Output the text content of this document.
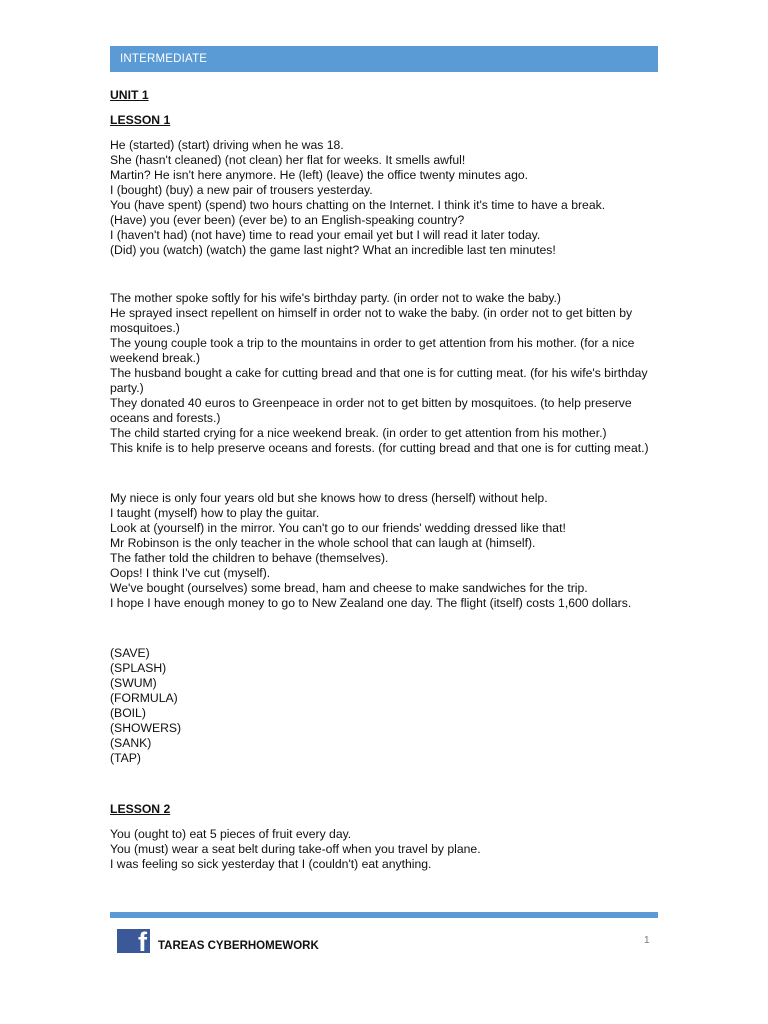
INTERMEDIATE
UNIT 1
LESSON 1
He (started) (start) driving when he was 18.
She (hasn't cleaned) (not clean) her flat for weeks. It smells awful!
Martin? He isn't here anymore. He (left) (leave) the office twenty minutes ago.
I (bought) (buy) a new pair of trousers yesterday.
You (have spent) (spend) two hours chatting on the Internet. I think it's time to have a break.
(Have) you (ever been) (ever be) to an English-speaking country?
I (haven't had) (not have) time to read your email yet but I will read it later today.
(Did) you (watch) (watch) the game last night? What an incredible last ten minutes!
The mother spoke softly for his wife's birthday party. (in order not to wake the baby.)
He sprayed insect repellent on himself in order not to wake the baby. (in order not to get bitten by mosquitoes.)
The young couple took a trip to the mountains in order to get attention from his mother. (for a nice weekend break.)
The husband bought a cake for cutting bread and that one is for cutting meat. (for his wife's birthday party.)
They donated 40 euros to Greenpeace in order not to get bitten by mosquitoes. (to help preserve oceans and forests.)
The child started crying for a nice weekend break. (in order to get attention from his mother.)
This knife is to help preserve oceans and forests. (for cutting bread and that one is for cutting meat.)
My niece is only four years old but she knows how to dress (herself) without help.
I taught (myself) how to play the guitar.
Look at (yourself) in the mirror. You can't go to our friends' wedding dressed like that!
Mr Robinson is the only teacher in the whole school that can laugh at (himself).
The father told the children to behave (themselves).
Oops! I think I've cut (myself).
We've bought (ourselves) some bread, ham and cheese to make sandwiches for the trip.
I hope I have enough money to go to New Zealand one day. The flight (itself) costs 1,600 dollars.
(SAVE)
(SPLASH)
(SWUM)
(FORMULA)
(BOIL)
(SHOWERS)
(SANK)
(TAP)
LESSON 2
You (ought to) eat 5 pieces of fruit every day.
You (must) wear a seat belt during take-off when you travel by plane.
I was feeling so sick yesterday that I (couldn't) eat anything.
f TAREAS CYBERHOMEWORK	1
